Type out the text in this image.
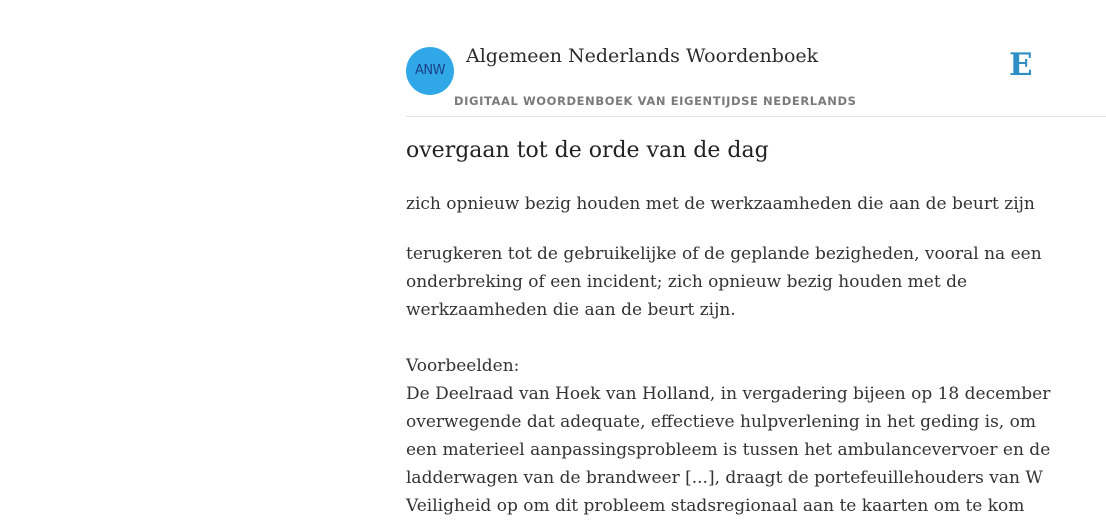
ANW
Algemeen Nederlands Woordenboek
DIGITAAL WOORDENBOEK VAN EIGENTIJDSE NEDERLANDS
E
overgaan tot de orde van de dag

zich opnieuw bezig houden met de werkzaamheden die aan de beurt zijn

terugkeren tot de gebruikelijke of de geplande bezigheden, vooral na een onderbreking of een incident; zich opnieuw bezig houden met de werkzaamheden die aan de beurt zijn.

Voorbeelden:
De Deelraad van Hoek van Holland, in vergadering bijeen op 18 december
overwegende dat adequate, effectieve hulpverlening in het geding is, om
een materieel aanpassingsprobleem is tussen het ambulancevervoer en de
ladderwagen van de brandweer [...], draagt de portefeuillehouders van W
Veiligheid op om dit probleem stadsregionaal aan te kaarten om te kom
